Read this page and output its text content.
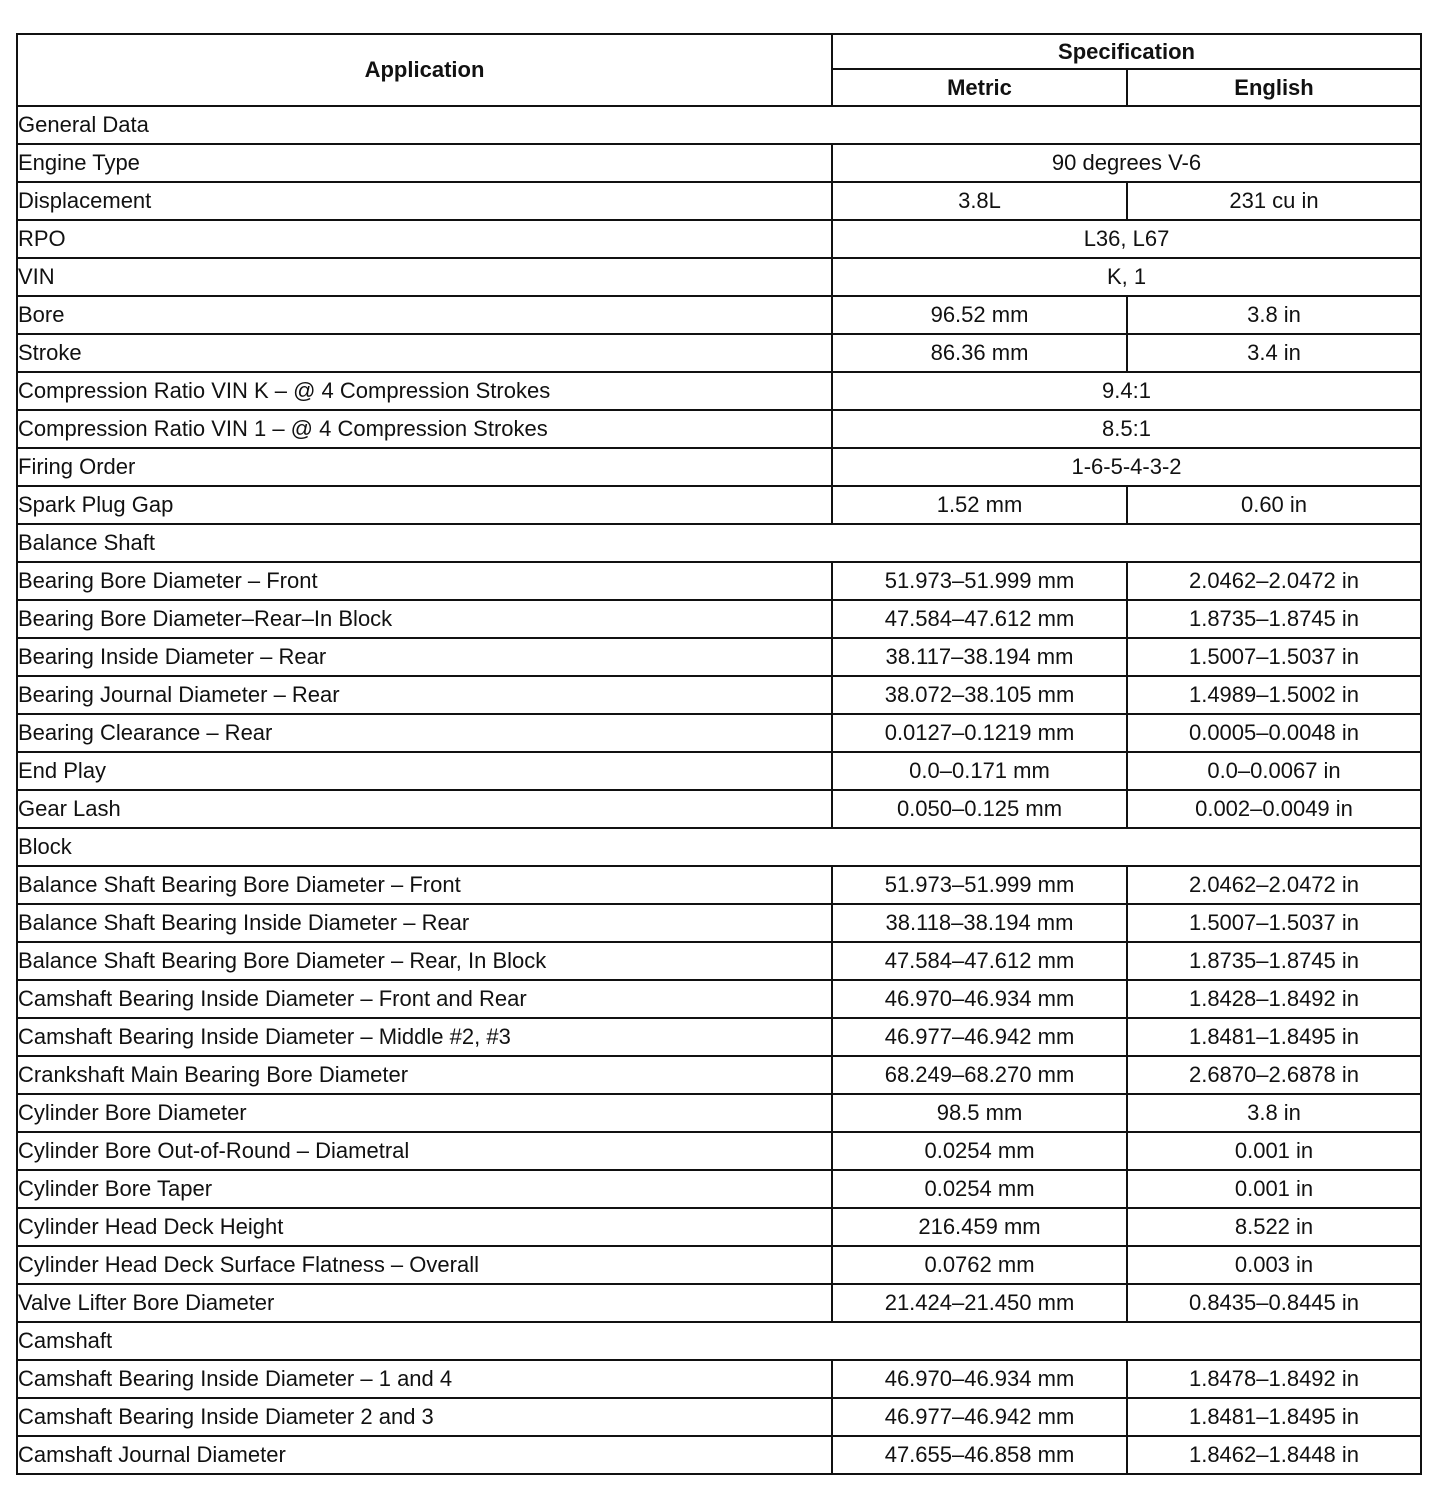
Application	Specification	
	Metric	English
General Data		
Engine Type	90 degrees V-6	
Displacement	3.8L	231 cu in
RPO	L36, L67	
VIN	K, 1	
Bore	96.52 mm	3.8 in
Stroke	86.36 mm	3.4 in
Compression Ratio VIN K – @ 4 Compression Strokes	9.4:1	
Compression Ratio VIN 1 – @ 4 Compression Strokes	8.5:1	
Firing Order	1-6-5-4-3-2	
Spark Plug Gap	1.52 mm	0.60 in
Balance Shaft		
Bearing Bore Diameter – Front	51.973–51.999 mm	2.0462–2.0472 in
Bearing Bore Diameter–Rear–In Block	47.584–47.612 mm	1.8735–1.8745 in
Bearing Inside Diameter – Rear	38.117–38.194 mm	1.5007–1.5037 in
Bearing Journal Diameter – Rear	38.072–38.105 mm	1.4989–1.5002 in
Bearing Clearance – Rear	0.0127–0.1219 mm	0.0005–0.0048 in
End Play	0.0–0.171 mm	0.0–0.0067 in
Gear Lash	0.050–0.125 mm	0.002–0.0049 in
Block		
Balance Shaft Bearing Bore Diameter – Front	51.973–51.999 mm	2.0462–2.0472 in
Balance Shaft Bearing Inside Diameter – Rear	38.118–38.194 mm	1.5007–1.5037 in
Balance Shaft Bearing Bore Diameter – Rear, In Block	47.584–47.612 mm	1.8735–1.8745 in
Camshaft Bearing Inside Diameter – Front and Rear	46.970–46.934 mm	1.8428–1.8492 in
Camshaft Bearing Inside Diameter – Middle #2, #3	46.977–46.942 mm	1.8481–1.8495 in
Crankshaft Main Bearing Bore Diameter	68.249–68.270 mm	2.6870–2.6878 in
Cylinder Bore Diameter	98.5 mm	3.8 in
Cylinder Bore Out-of-Round – Diametral	0.0254 mm	0.001 in
Cylinder Bore Taper	0.0254 mm	0.001 in
Cylinder Head Deck Height	216.459 mm	8.522 in
Cylinder Head Deck Surface Flatness – Overall	0.0762 mm	0.003 in
Valve Lifter Bore Diameter	21.424–21.450 mm	0.8435–0.8445 in
Camshaft		
Camshaft Bearing Inside Diameter – 1 and 4	46.970–46.934 mm	1.8478–1.8492 in
Camshaft Bearing Inside Diameter 2 and 3	46.977–46.942 mm	1.8481–1.8495 in
Camshaft Journal Diameter	47.655–46.858 mm	1.8462–1.8448 in
